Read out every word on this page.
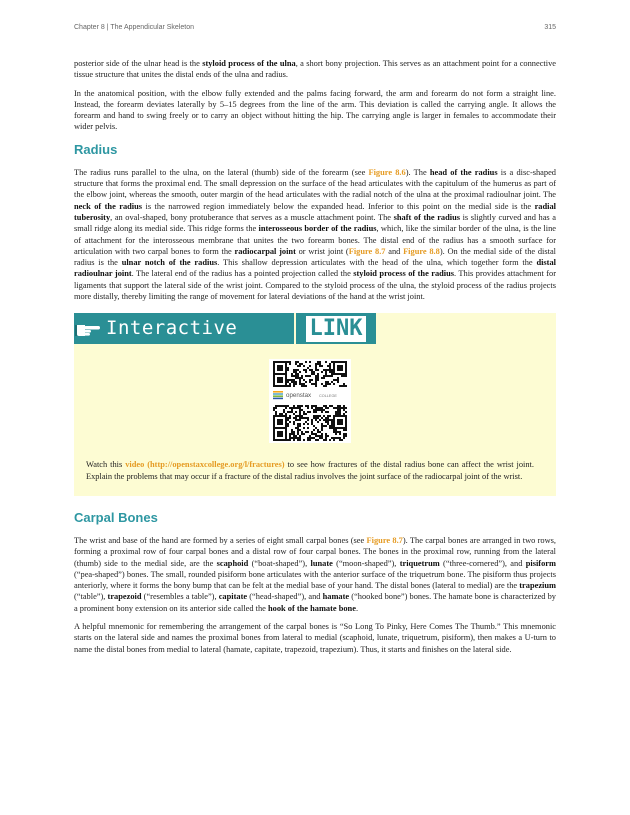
Chapter 8 | The Appendicular Skeleton	315

posterior side of the ulnar head is the styloid process of the ulna, a short bony projection. This serves as an attachment point for a connective tissue structure that unites the distal ends of the ulna and radius.

In the anatomical position, with the elbow fully extended and the palms facing forward, the arm and forearm do not form a straight line. Instead, the forearm deviates laterally by 5–15 degrees from the line of the arm. This deviation is called the carrying angle. It allows the forearm and hand to swing freely or to carry an object without hitting the hip. The carrying angle is larger in females to accommodate their wider pelvis.

Radius

The radius runs parallel to the ulna, on the lateral (thumb) side of the forearm (see Figure 8.6). The head of the radius is a disc-shaped structure that forms the proximal end. The small depression on the surface of the head articulates with the capitulum of the humerus as part of the elbow joint, whereas the smooth, outer margin of the head articulates with the radial notch of the ulna at the proximal radioulnar joint. The neck of the radius is the narrowed region immediately below the expanded head. Inferior to this point on the medial side is the radial tuberosity, an oval-shaped, bony protuberance that serves as a muscle attachment point. The shaft of the radius is slightly curved and has a small ridge along its medial side. This ridge forms the interosseous border of the radius, which, like the similar border of the ulna, is the line of attachment for the interosseous membrane that unites the two forearm bones. The distal end of the radius has a smooth surface for articulation with two carpal bones to form the radiocarpal joint or wrist joint (Figure 8.7 and Figure 8.8). On the medial side of the distal radius is the ulnar notch of the radius. This shallow depression articulates with the head of the ulna, which together form the distal radioulnar joint. The lateral end of the radius has a pointed projection called the styloid process of the radius. This provides attachment for ligaments that support the lateral side of the wrist joint. Compared to the styloid process of the ulna, the styloid process of the radius projects more distally, thereby limiting the range of movement for lateral deviations of the hand at the wrist joint.

Interactive	LINK
openstax COLLEGE
Watch this video (http://openstaxcollege.org/l/fractures) to see how fractures of the distal radius bone can affect the wrist joint. Explain the problems that may occur if a fracture of the distal radius involves the joint surface of the radiocarpal joint of the wrist.
Carpal Bones

The wrist and base of the hand are formed by a series of eight small carpal bones (see Figure 8.7). The carpal bones are arranged in two rows, forming a proximal row of four carpal bones and a distal row of four carpal bones. The bones in the proximal row, running from the lateral (thumb) side to the medial side, are the scaphoid (“boat-shaped”), lunate (“moon-shaped”), triquetrum (“three-cornered”), and pisiform (“pea-shaped”) bones. The small, rounded pisiform bone articulates with the anterior surface of the triquetrum bone. The pisiform thus projects anteriorly, where it forms the bony bump that can be felt at the medial base of your hand. The distal bones (lateral to medial) are the trapezium (“table”), trapezoid (“resembles a table”), capitate (“head-shaped”), and hamate (“hooked bone”) bones. The hamate bone is characterized by a prominent bony extension on its anterior side called the hook of the hamate bone.

A helpful mnemonic for remembering the arrangement of the carpal bones is “So Long To Pinky, Here Comes The Thumb.” This mnemonic starts on the lateral side and names the proximal bones from lateral to medial (scaphoid, lunate, triquetrum, pisiform), then makes a U-turn to name the distal bones from medial to lateral (hamate, capitate, trapezoid, trapezium). Thus, it starts and finishes on the lateral side.
